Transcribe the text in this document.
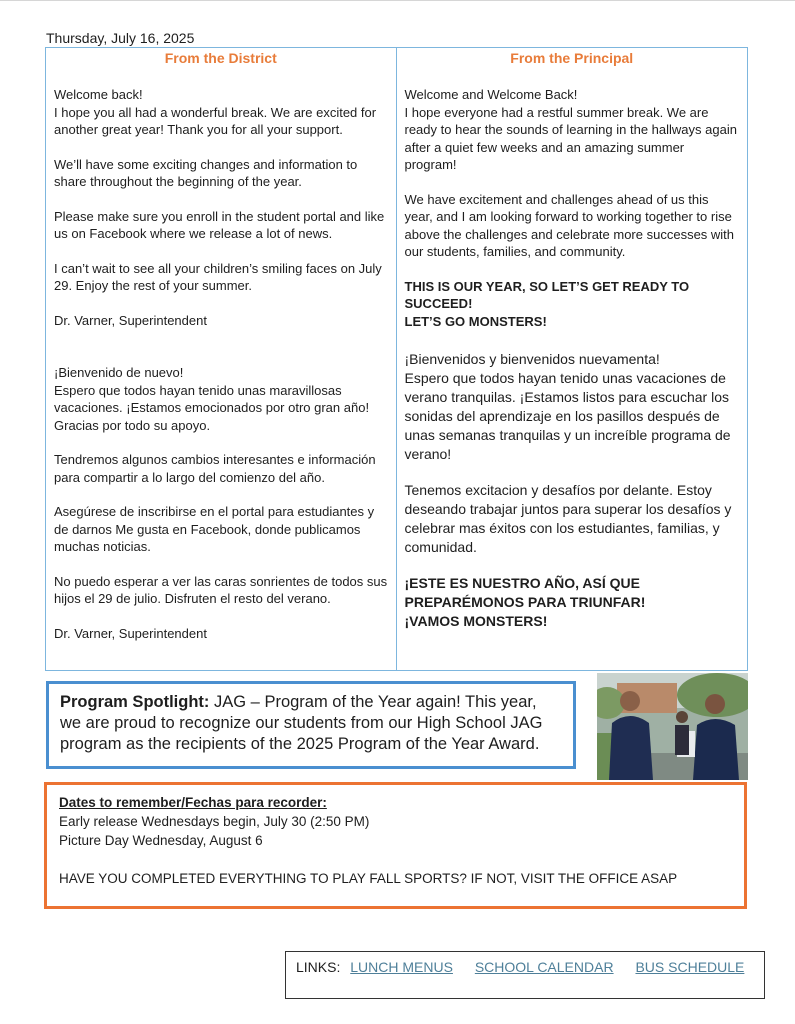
Thursday, July 16, 2025
From the District

Welcome back!
I hope you all had a wonderful break. We are excited for another great year! Thank you for all your support.

We’ll have some exciting changes and information to share throughout the beginning of the year.

Please make sure you enroll in the student portal and like us on Facebook where we release a lot of news.

I can’t wait to see all your children’s smiling faces on July 29. Enjoy the rest of your summer.

Dr. Varner, Superintendent

¡Bienvenido de nuevo!
Espero que todos hayan tenido unas maravillosas vacaciones. ¡Estamos emocionados por otro gran año! Gracias por todo su apoyo.

Tendremos algunos cambios interesantes e información para compartir a lo largo del comienzo del año.

Asegúrese de inscribirse en el portal para estudiantes y de darnos Me gusta en Facebook, donde publicamos muchas noticias.

No puedo esperar a ver las caras sonrientes de todos sus hijos el 29 de julio. Disfruten el resto del verano.

Dr. Varner, Superintendent

From the Principal

Welcome and Welcome Back!
I hope everyone had a restful summer break. We are ready to hear the sounds of learning in the hallways again after a quiet few weeks and an amazing summer program!

We have excitement and challenges ahead of us this year, and I am looking forward to working together to rise above the challenges and celebrate more successes with our students, families, and community.

THIS IS OUR YEAR, SO LET’S GET READY TO SUCCEED!
LET’S GO MONSTERS!

¡Bienvenidos y bienvenidos nuevamenta!
Espero que todos hayan tenido unas vacaciones de verano tranquilas. ¡Estamos listos para escuchar los sonidas del aprendizaje en los pasillos después de unas semanas tranquilas y un increíble programa de verano!

Tenemos excitacion y desafíos por delante. Estoy deseando trabajar juntos para superar los desafíos y celebrar mas éxitos con los estudiantes, familias, y comunidad.

¡ESTE ES NUESTRO AÑO, ASÍ QUE PREPARÉMONOS PARA TRIUNFAR!
¡VAMOS MONSTERS!

Program Spotlight: JAG – Program of the Year again! This year, we are proud to recognize our students from our High School JAG program as the recipients of the 2025 Program of the Year Award.

Dates to remember/Fechas para recorder:

Early release Wednesdays begin, July 30 (2:50 PM)

Picture Day Wednesday, August 6

HAVE YOU COMPLETED EVERYTHING TO PLAY FALL SPORTS? IF NOT, VISIT THE OFFICE ASAP

LINKS: LUNCH MENUS SCHOOL CALENDAR BUS SCHEDULE
